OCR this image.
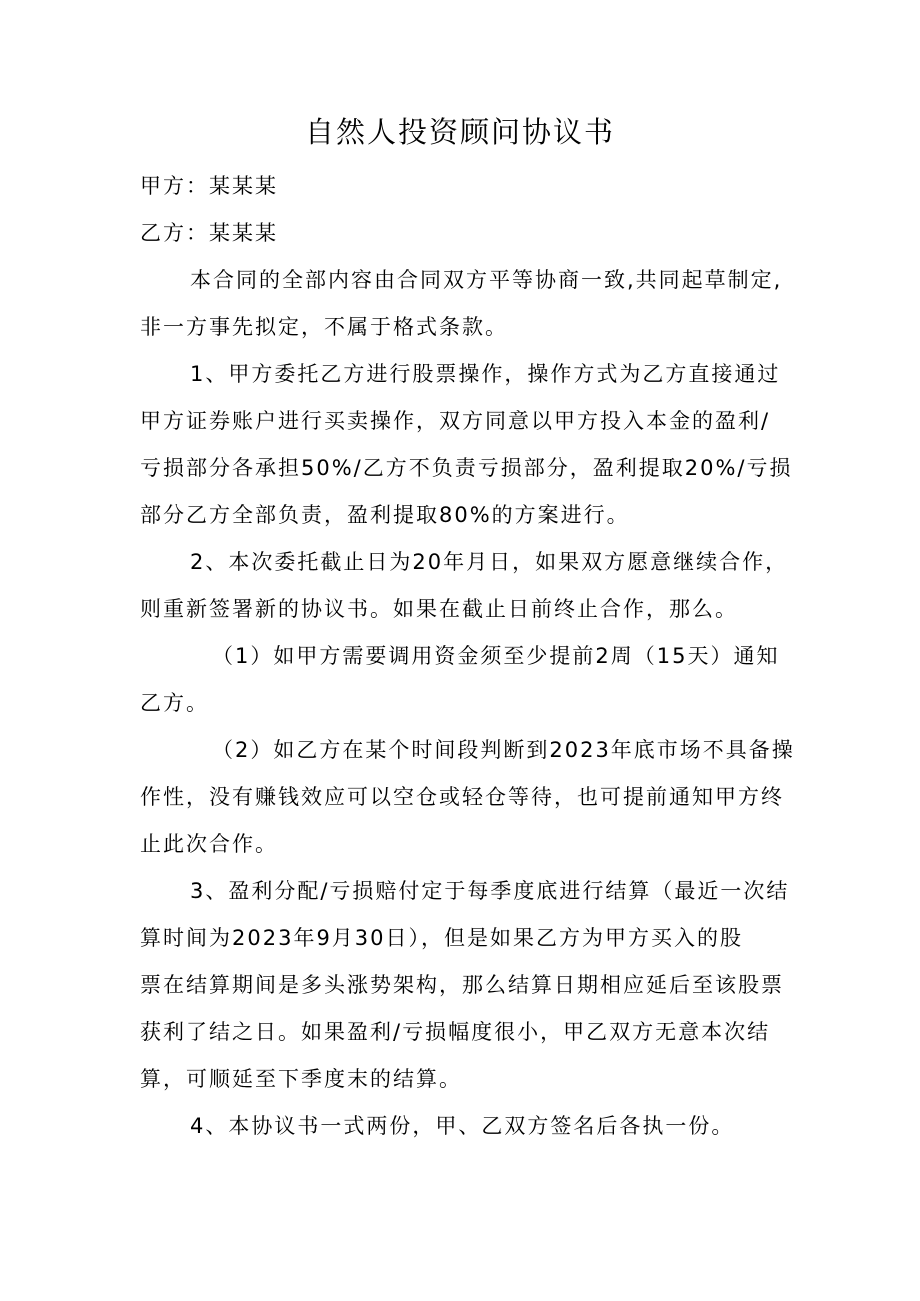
自然人投资顾问协议书

甲方：某某某

乙方：某某某

本合同的全部内容由合同双方平等协商一致,共同起草制定,

非一方事先拟定，不属于格式条款。

1、甲方委托乙方进行股票操作，操作方式为乙方直接通过

甲方证券账户进行买卖操作，双方同意以甲方投入本金的盈利/

亏损部分各承担50%/乙方不负责亏损部分，盈利提取20%/亏损

部分乙方全部负责，盈利提取80%的方案进行。

2、本次委托截止日为20年月日，如果双方愿意继续合作，

则重新签署新的协议书。如果在截止日前终止合作，那么。

（1）如甲方需要调用资金须至少提前2周（15天）通知

乙方。

（2）如乙方在某个时间段判断到2023年底市场不具备操

作性，没有赚钱效应可以空仓或轻仓等待，也可提前通知甲方终

止此次合作。

3、盈利分配/亏损赔付定于每季度底进行结算（最近一次结

算时间为2023年9月30日），但是如果乙方为甲方买入的股

票在结算期间是多头涨势架构，那么结算日期相应延后至该股票

获利了结之日。如果盈利/亏损幅度很小，甲乙双方无意本次结

算，可顺延至下季度末的结算。

4、本协议书一式两份，甲、乙双方签名后各执一份。
